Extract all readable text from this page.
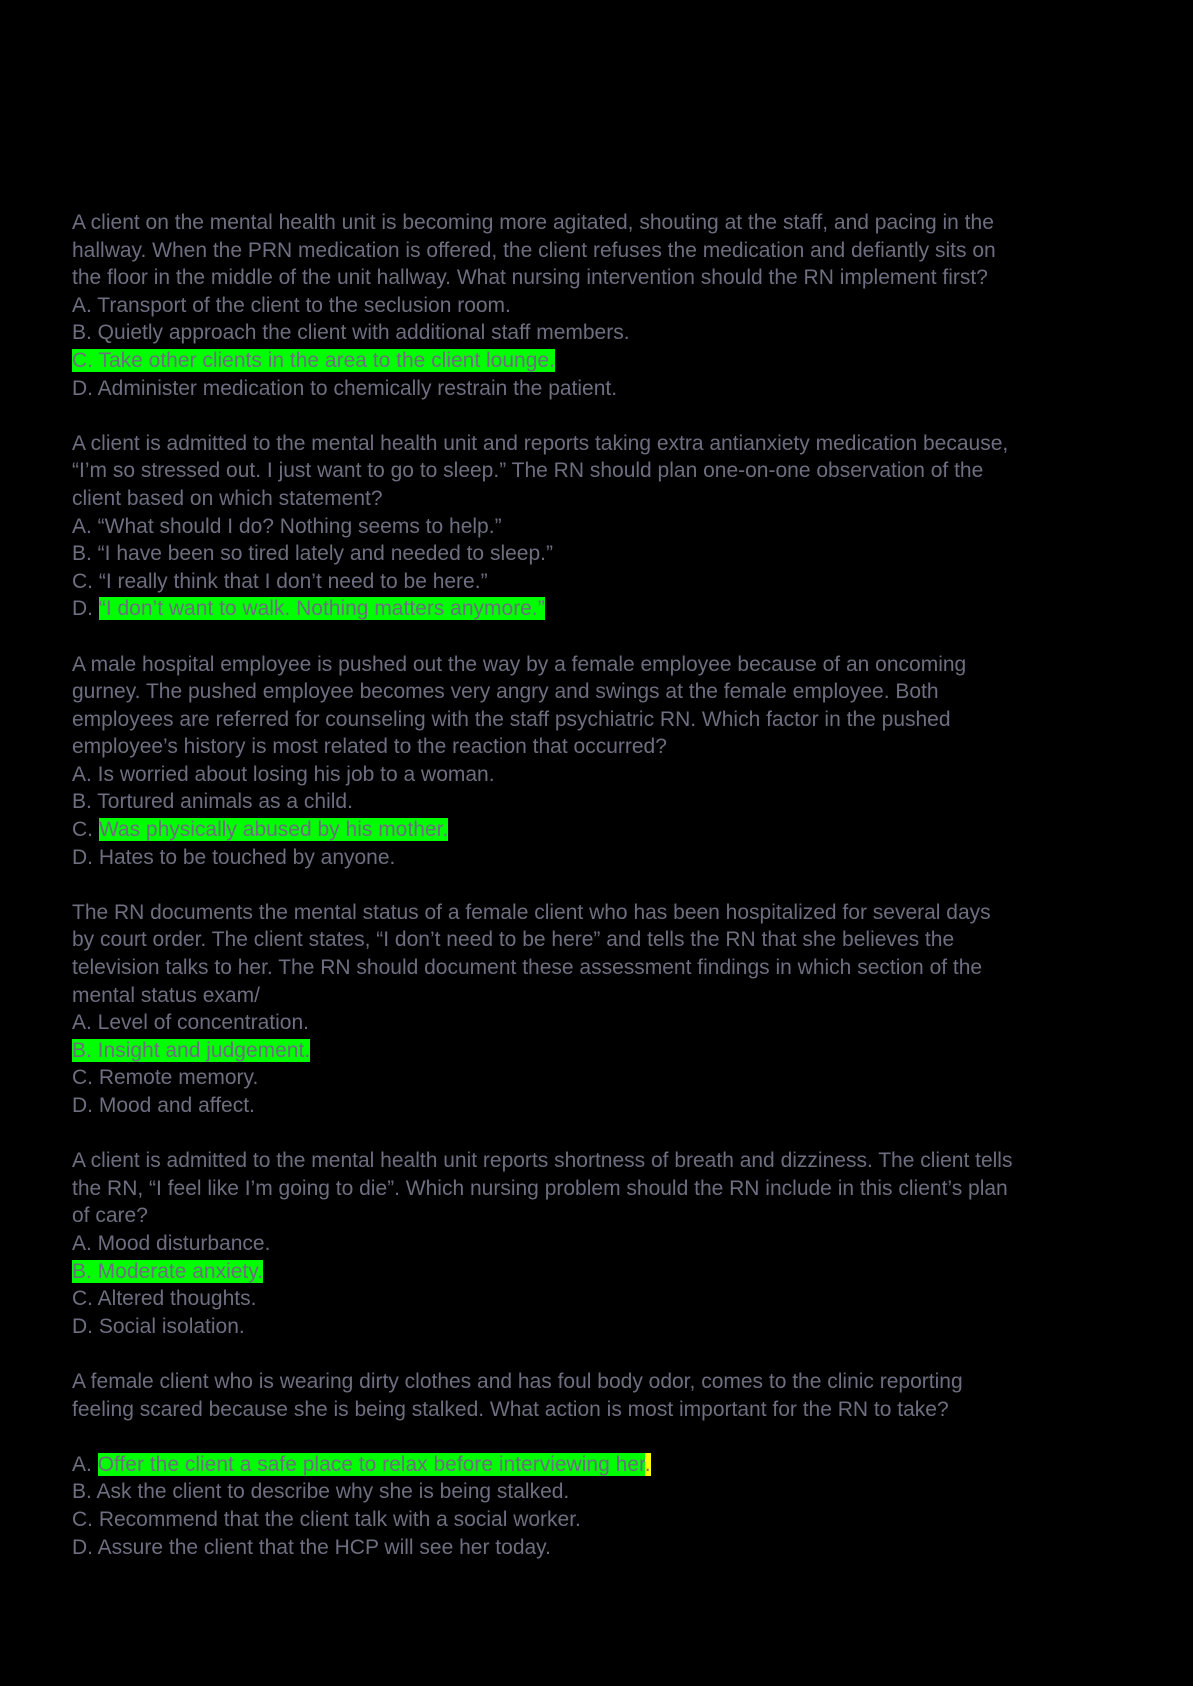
A client on the mental health unit is becoming more agitated, shouting at the staff, and pacing in the
hallway. When the PRN medication is offered, the client refuses the medication and defiantly sits on
the floor in the middle of the unit hallway. What nursing intervention should the RN implement first?
A. Transport of the client to the seclusion room.
B. Quietly approach the client with additional staff members.
C. Take other clients in the area to the client lounge.
D. Administer medication to chemically restrain the patient.
A client is admitted to the mental health unit and reports taking extra antianxiety medication because,
“I’m so stressed out. I just want to go to sleep.” The RN should plan one-on-one observation of the
client based on which statement?
A. “What should I do? Nothing seems to help.”
B. “I have been so tired lately and needed to sleep.”
C. “I really think that I don’t need to be here.”
D. “I don’t want to walk. Nothing matters anymore.”
A male hospital employee is pushed out the way by a female employee because of an oncoming
gurney. The pushed employee becomes very angry and swings at the female employee. Both
employees are referred for counseling with the staff psychiatric RN. Which factor in the pushed
employee’s history is most related to the reaction that occurred?
A. Is worried about losing his job to a woman.
B. Tortured animals as a child.
C. Was physically abused by his mother.
D. Hates to be touched by anyone.
The RN documents the mental status of a female client who has been hospitalized for several days
by court order. The client states, “I don’t need to be here” and tells the RN that she believes the
television talks to her. The RN should document these assessment findings in which section of the
mental status exam/
A. Level of concentration.
B. Insight and judgement.
C. Remote memory.
D. Mood and affect.
A client is admitted to the mental health unit reports shortness of breath and dizziness. The client tells
the RN, “I feel like I’m going to die”. Which nursing problem should the RN include in this client’s plan
of care?
A. Mood disturbance.
B. Moderate anxiety.
C. Altered thoughts.
D. Social isolation.
A female client who is wearing dirty clothes and has foul body odor, comes to the clinic reporting
feeling scared because she is being stalked. What action is most important for the RN to take?
A. Offer the client a safe place to relax before interviewing her.
B. Ask the client to describe why she is being stalked.
C. Recommend that the client talk with a social worker.
D. Assure the client that the HCP will see her today.
